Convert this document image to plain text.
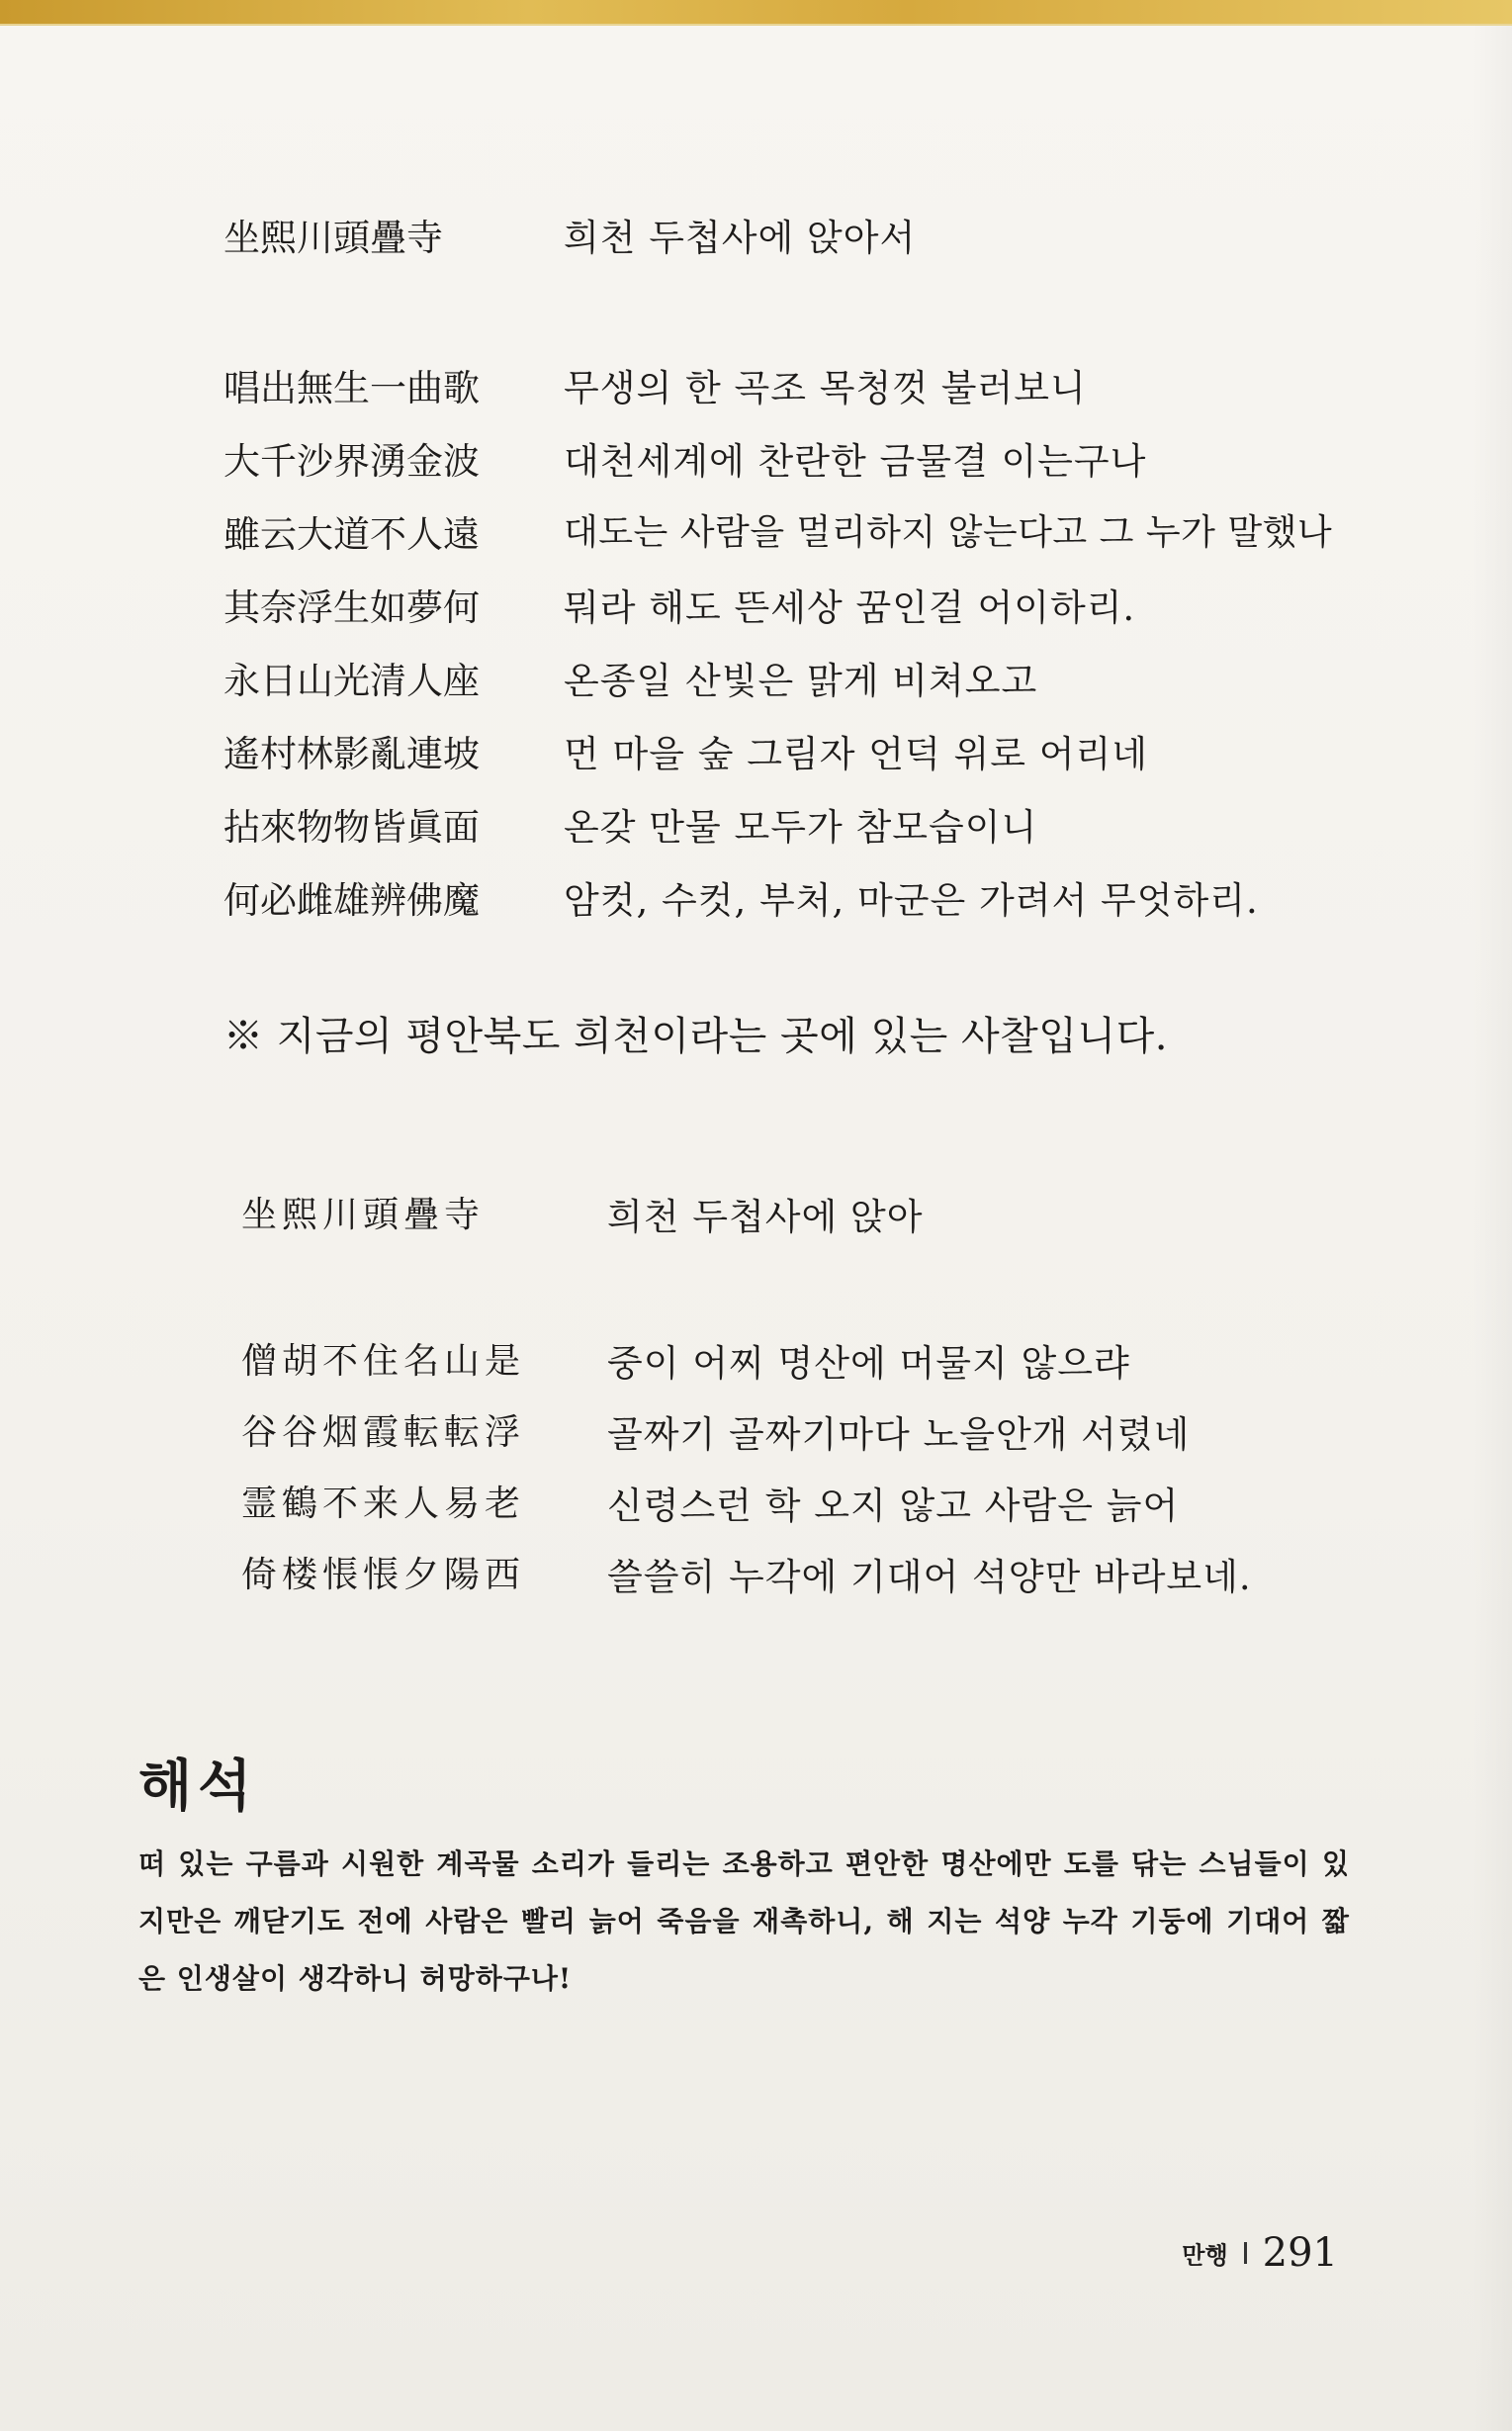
坐熙川頭疊寺	희천 두첩사에 앉아서
唱出無生一曲歌 무생의 한 곡조 목청껏 불러보니
大千沙界湧金波 대천세계에 찬란한 금물결 이는구나
雖云大道不人遠 대도는 사람을 멀리하지 않는다고 그 누가 말했나
其奈浮生如夢何 뭐라 해도 뜬세상 꿈인걸 어이하리.
永日山光清人座 온종일 산빛은 맑게 비쳐오고
遙村林影亂連坡 먼 마을 숲 그림자 언덕 위로 어리네
拈來物物皆眞面 온갖 만물 모두가 참모습이니
何必雌雄辨佛魔 암컷, 수컷, 부처, 마군은 가려서 무엇하리.
※ 지금의 평안북도 희천이라는 곳에 있는 사찰입니다.
坐熙川頭疊寺	희천 두첩사에 앉아
僧胡不住名山是 중이 어찌 명산에 머물지 않으랴
谷谷烟霞転転浮 골짜기 골짜기마다 노을안개 서렸네
霊鶴不来人易老 신령스런 학 오지 않고 사람은 늙어
倚楼悵悵夕陽西 쓸쓸히 누각에 기대어 석양만 바라보네.
해석
떠 있는 구름과 시원한 계곡물 소리가 들리는 조용하고 편안한 명산에만 도를 닦는 스님들이 있지만은 깨닫기도 전에 사람은 빨리 늙어 죽음을 재촉하니, 해 지는 석양 누각 기둥에 기대어 짧은 인생살이 생각하니 허망하구나!
만행 291
